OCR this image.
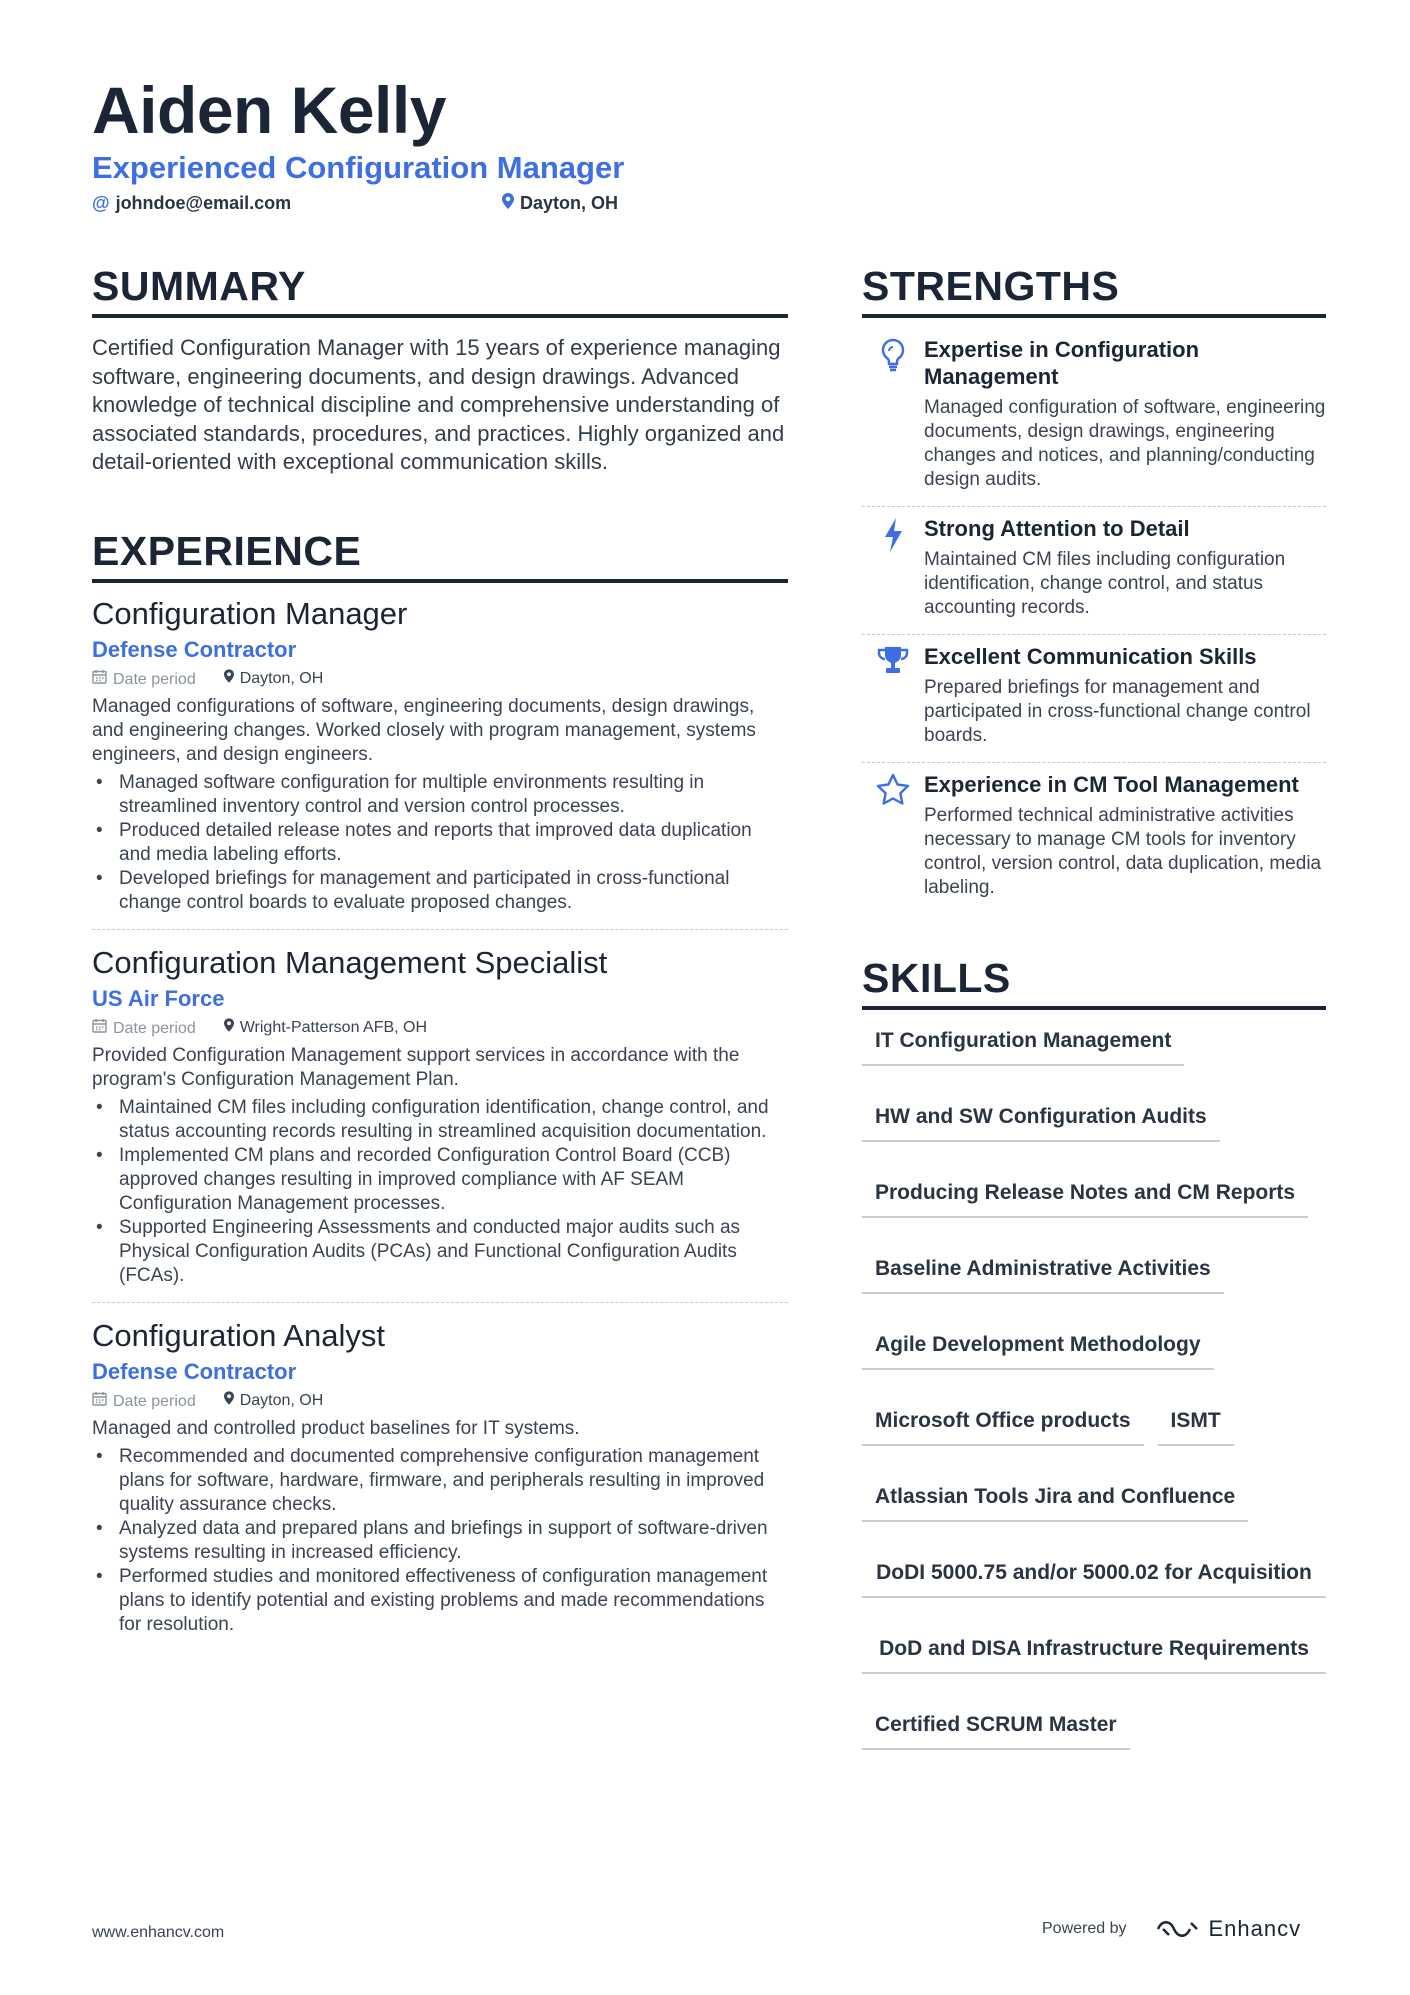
Aiden Kelly
Experienced Configuration Manager
@ johndoe@email.com	Dayton, OH
SUMMARY

Certified Configuration Manager with 15 years of experience managing software, engineering documents, and design drawings. Advanced knowledge of technical discipline and comprehensive understanding of associated standards, procedures, and practices. Highly organized and detail-oriented with exceptional communication skills.

EXPERIENCE
Configuration Manager
Defense Contractor
Date period	Dayton, OH

Managed configurations of software, engineering documents, design drawings, and engineering changes. Worked closely with program management, systems engineers, and design engineers.

• Managed software configuration for multiple environments resulting in streamlined inventory control and version control processes.
• Produced detailed release notes and reports that improved data duplication and media labeling efforts.
• Developed briefings for management and participated in cross-functional change control boards to evaluate proposed changes.
Configuration Management Specialist
US Air Force
Date period	Wright-Patterson AFB, OH

Provided Configuration Management support services in accordance with the program's Configuration Management Plan.

• Maintained CM files including configuration identification, change control, and status accounting records resulting in streamlined acquisition documentation.
• Implemented CM plans and recorded Configuration Control Board (CCB) approved changes resulting in improved compliance with AF SEAM Configuration Management processes.
• Supported Engineering Assessments and conducted major audits such as Physical Configuration Audits (PCAs) and Functional Configuration Audits (FCAs).
Configuration Analyst
Defense Contractor
Date period	Dayton, OH

Managed and controlled product baselines for IT systems.

• Recommended and documented comprehensive configuration management plans for software, hardware, firmware, and peripherals resulting in improved quality assurance checks.
• Analyzed data and prepared plans and briefings in support of software-driven systems resulting in increased efficiency.
• Performed studies and monitored effectiveness of configuration management plans to identify potential and existing problems and made recommendations for resolution.
STRENGTHS

Expertise in Configuration Management

Managed configuration of software, engineering documents, design drawings, engineering changes and notices, and planning/conducting design audits.

Strong Attention to Detail

Maintained CM files including configuration identification, change control, and status accounting records.

Excellent Communication Skills

Prepared briefings for management and participated in cross-functional change control boards.

Experience in CM Tool Management

Performed technical administrative activities necessary to manage CM tools for inventory control, version control, data duplication, media labeling.

SKILLS
IT Configuration Management
HW and SW Configuration Audits
Producing Release Notes and CM Reports
Baseline Administrative Activities
Agile Development Methodology
Microsoft Office products	ISMT
Atlassian Tools Jira and Confluence
DoDI 5000.75 and/or 5000.02 for Acquisition
DoD and DISA Infrastructure Requirements
Certified SCRUM Master
www.enhancv.com	Powered by	Enhancv
